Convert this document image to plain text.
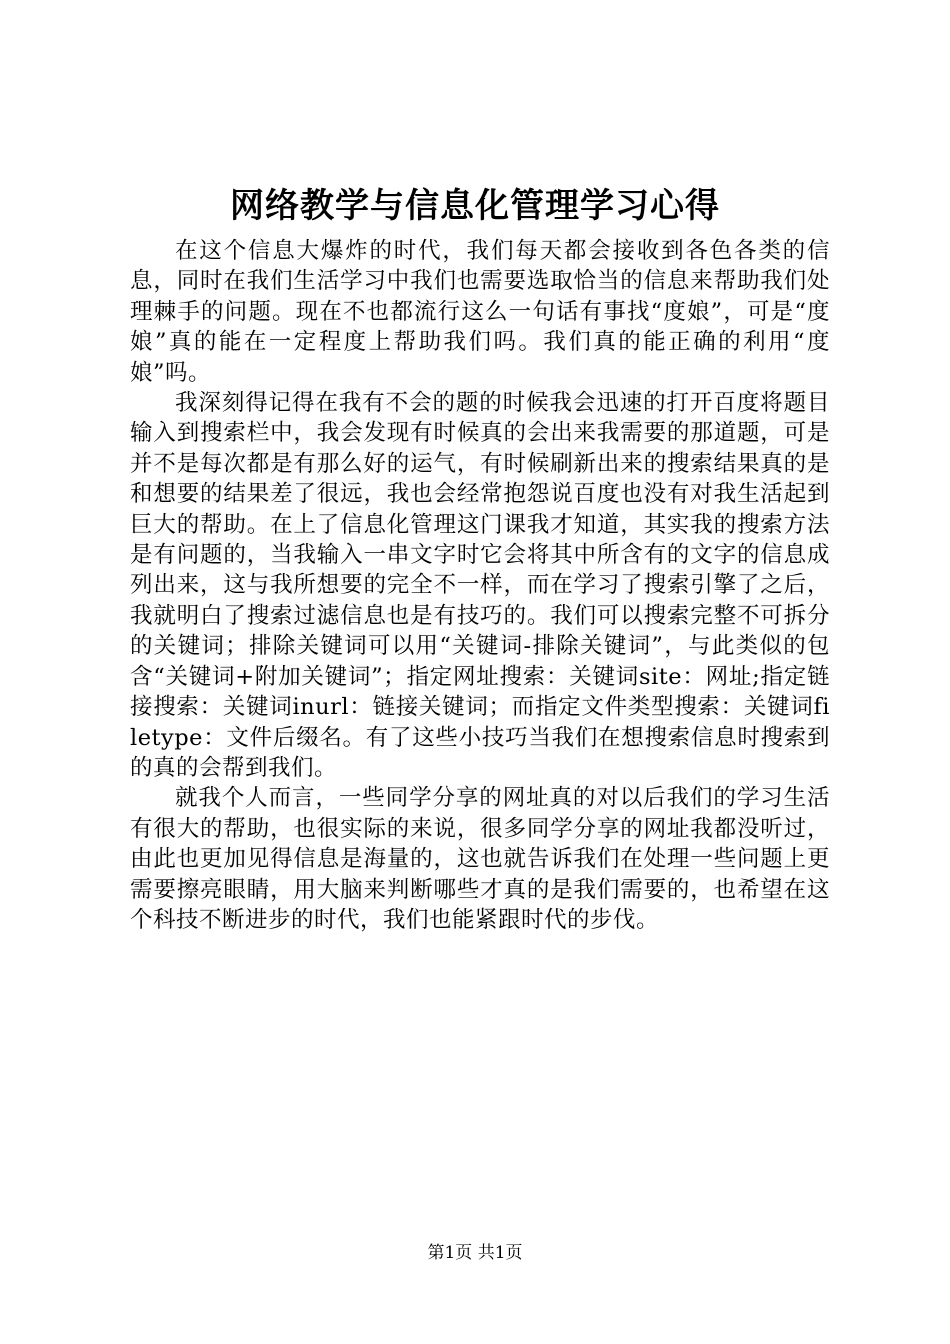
网络教学与信息化管理学习心得

在这个信息大爆炸的时代，我们每天都会接收到各色各类的信息，同时在我们生活学习中我们也需要选取恰当的信息来帮助我们处理棘手的问题。现在不也都流行这么一句话有事找“度娘”，可是“度娘”真的能在一定程度上帮助我们吗。我们真的能正确的利用“度娘”吗。

我深刻得记得在我有不会的题的时候我会迅速的打开百度将题目输入到搜索栏中，我会发现有时候真的会出来我需要的那道题，可是并不是每次都是有那么好的运气，有时候刷新出来的搜索结果真的是和想要的结果差了很远，我也会经常抱怨说百度也没有对我生活起到巨大的帮助。在上了信息化管理这门课我才知道，其实我的搜索方法是有问题的，当我输入一串文字时它会将其中所含有的文字的信息成列出来，这与我所想要的完全不一样，而在学习了搜索引擎了之后，我就明白了搜索过滤信息也是有技巧的。我们可以搜索完整不可拆分的关键词；排除关键词可以用“关键词-排除关键词”，与此类似的包含“关键词+附加关键词”；指定网址搜索：关键词site：网址;指定链接搜索：关键词inurl：链接关键词；而指定文件类型搜索：关键词filetype：文件后缀名。有了这些小技巧当我们在想搜索信息时搜索到的真的会帮到我们。

就我个人而言，一些同学分享的网址真的对以后我们的学习生活有很大的帮助，也很实际的来说，很多同学分享的网址我都没听过，由此也更加见得信息是海量的，这也就告诉我们在处理一些问题上更需要擦亮眼睛，用大脑来判断哪些才真的是我们需要的，也希望在这个科技不断进步的时代，我们也能紧跟时代的步伐。

第1页 共1页
